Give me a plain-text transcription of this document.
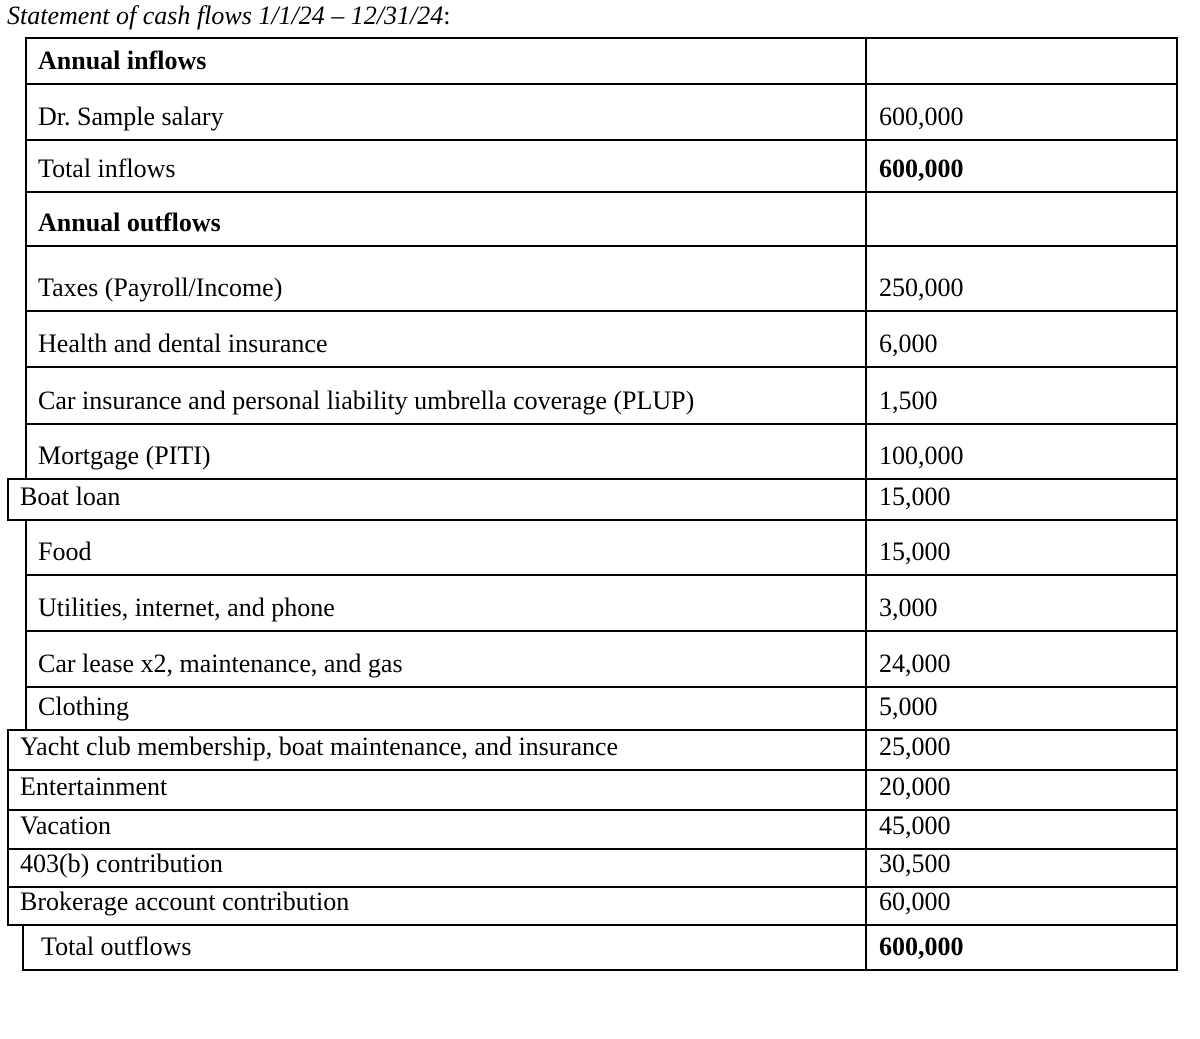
Statement of cash flows 1/1/24 – 12/31/24:
Annual inflows
Dr. Sample salary	600,000
Total inflows	600,000
Annual outflows
Taxes (Payroll/Income)	250,000
Health and dental insurance	6,000
Car insurance and personal liability umbrella coverage (PLUP)	1,500
Mortgage (PITI)	100,000
Boat loan	15,000
Food	15,000
Utilities, internet, and phone	3,000
Car lease x2, maintenance, and gas	24,000
Clothing	5,000
Yacht club membership, boat maintenance, and insurance	25,000
Entertainment	20,000
Vacation	45,000
403(b) contribution	30,500
Brokerage account contribution	60,000
Total outflows	600,000
